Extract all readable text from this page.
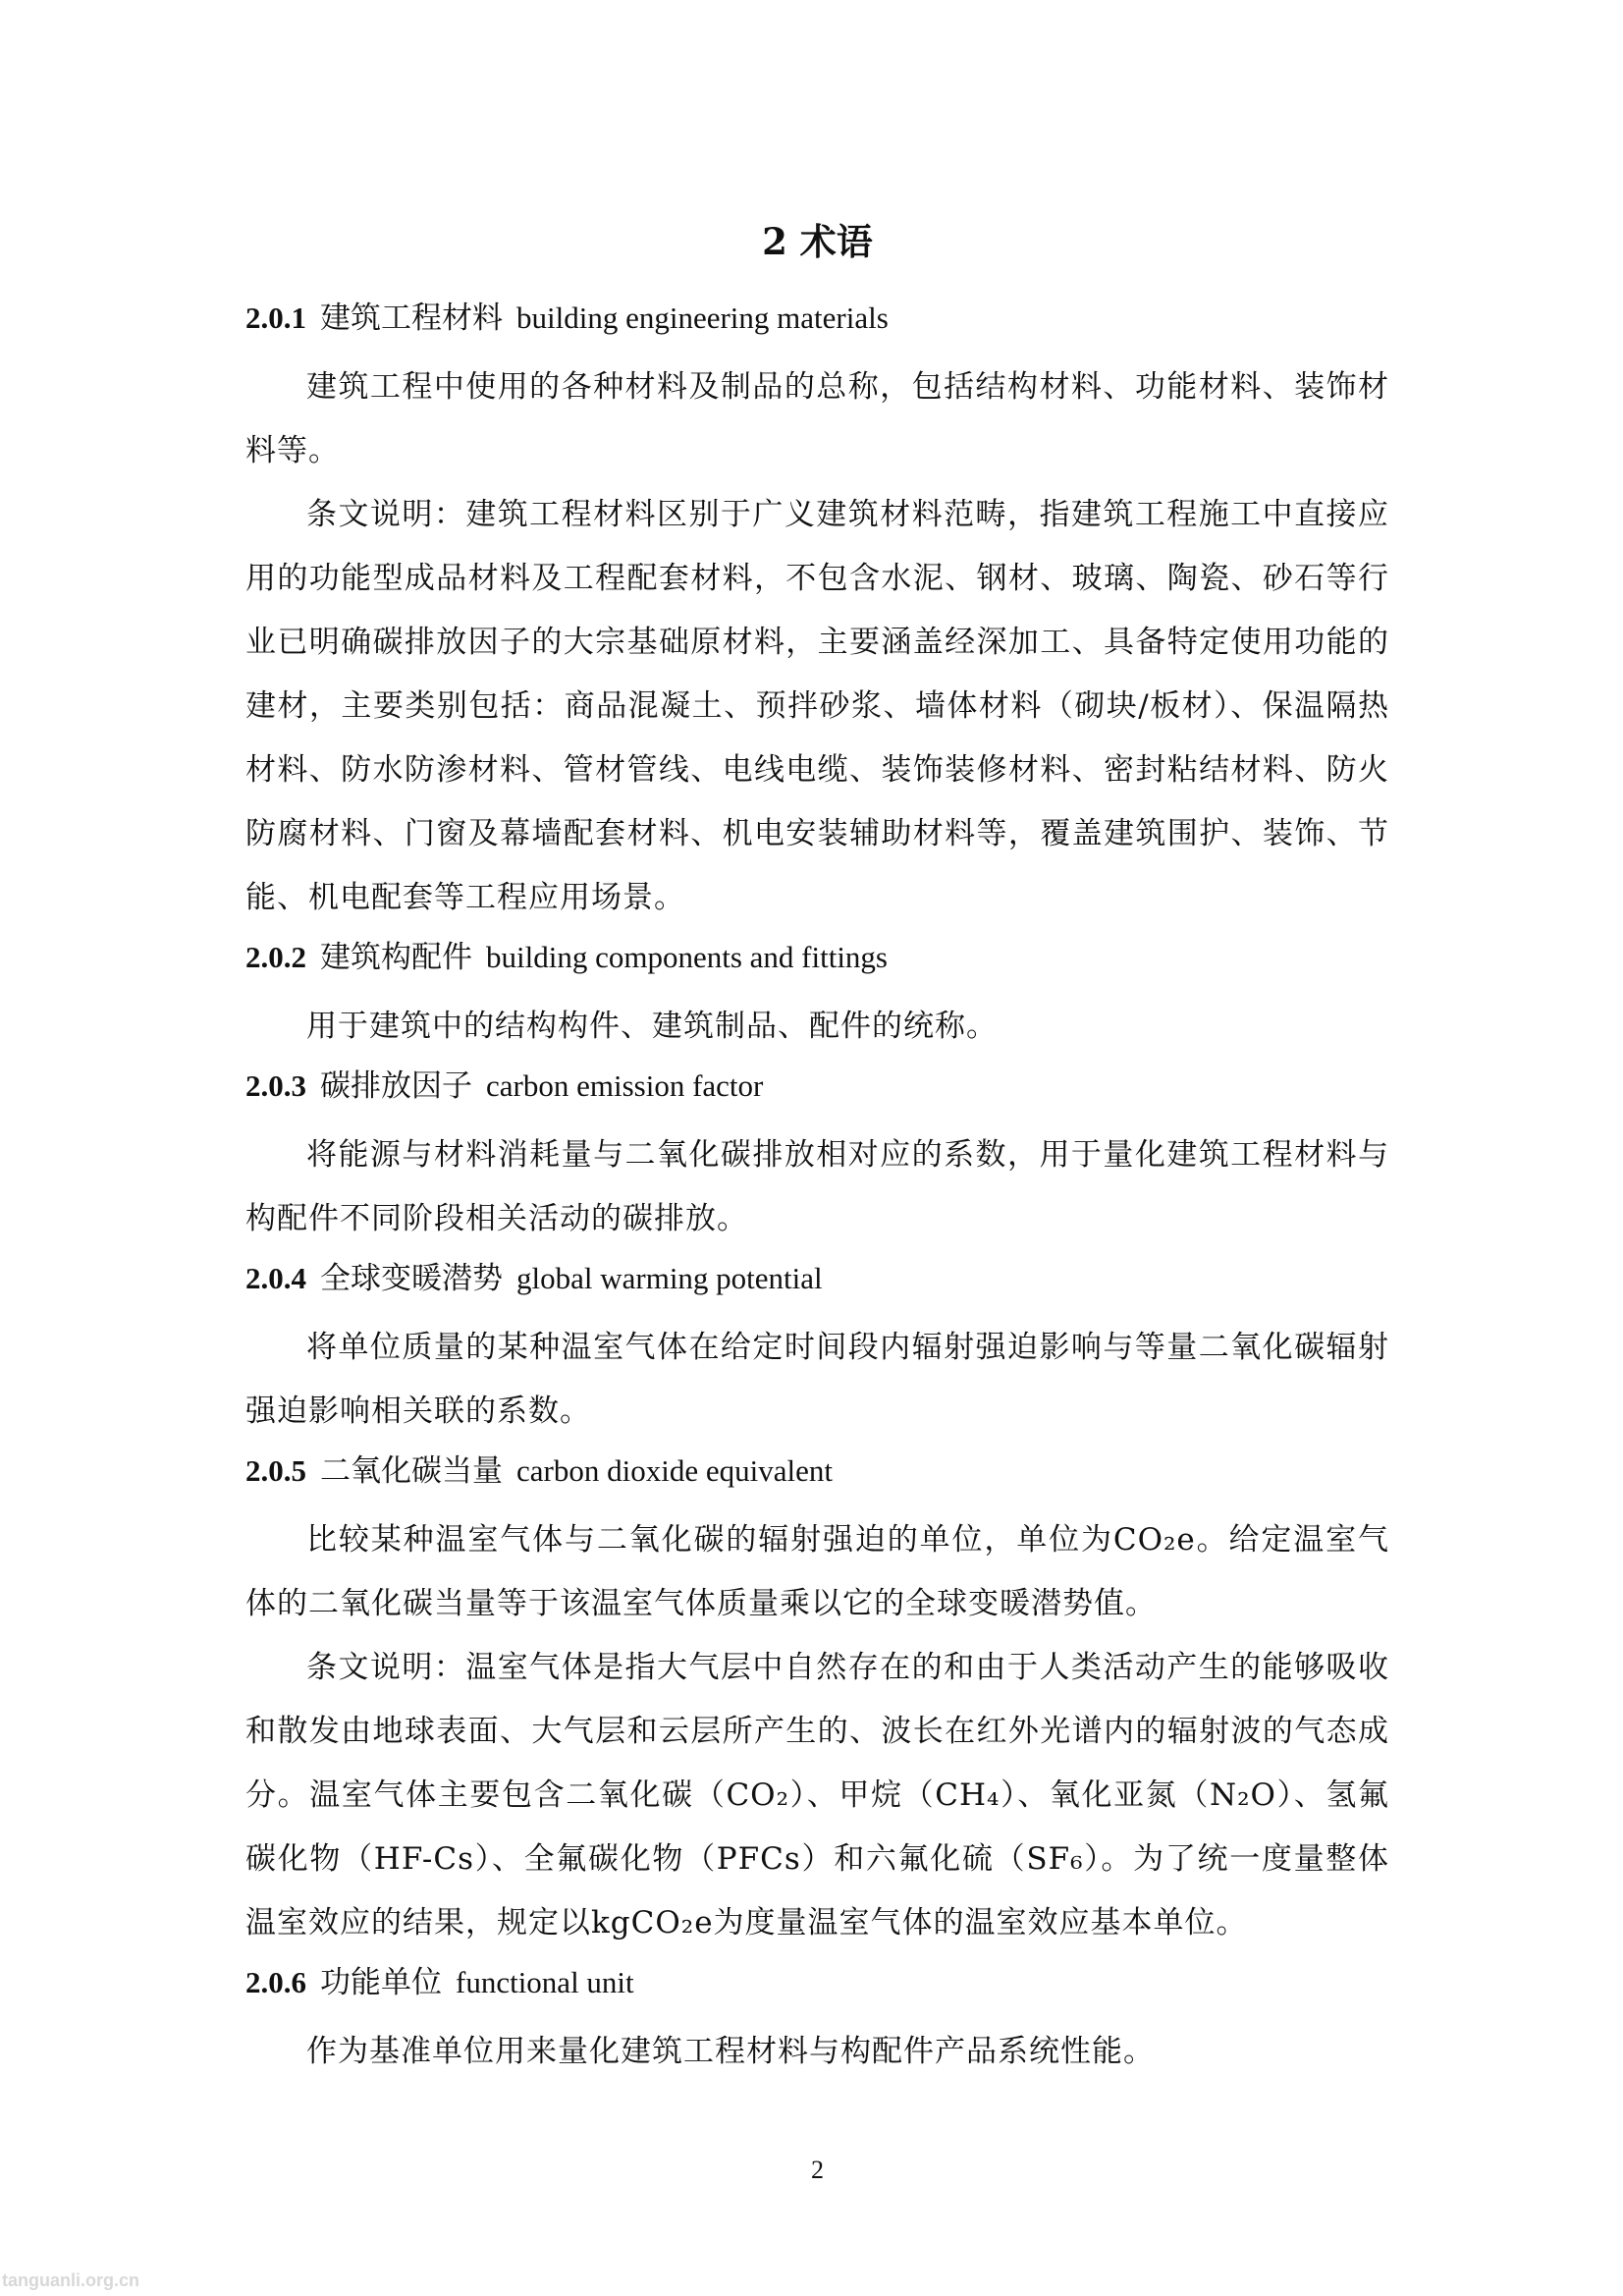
2 术语
2.0.1 建筑工程材料 building engineering materials

建筑工程中使用的各种材料及制品的总称，包括结构材料、功能材料、装饰材料等。

条文说明：建筑工程材料区别于广义建筑材料范畴，指建筑工程施工中直接应用的功能型成品材料及工程配套材料，不包含水泥、钢材、玻璃、陶瓷、砂石等行业已明确碳排放因子的大宗基础原材料，主要涵盖经深加工、具备特定使用功能的建材，主要类别包括：商品混凝土、预拌砂浆、墙体材料（砌块/板材）、保温隔热材料、防水防渗材料、管材管线、电线电缆、装饰装修材料、密封粘结材料、防火防腐材料、门窗及幕墙配套材料、机电安装辅助材料等，覆盖建筑围护、装饰、节能、机电配套等工程应用场景。

2.0.2 建筑构配件 building components and fittings

用于建筑中的结构构件、建筑制品、配件的统称。

2.0.3 碳排放因子 carbon emission factor

将能源与材料消耗量与二氧化碳排放相对应的系数，用于量化建筑工程材料与构配件不同阶段相关活动的碳排放。

2.0.4 全球变暖潜势 global warming potential

将单位质量的某种温室气体在给定时间段内辐射强迫影响与等量二氧化碳辐射强迫影响相关联的系数。

2.0.5 二氧化碳当量 carbon dioxide equivalent

比较某种温室气体与二氧化碳的辐射强迫的单位，单位为CO₂e。给定温室气体的二氧化碳当量等于该温室气体质量乘以它的全球变暖潜势值。

条文说明：温室气体是指大气层中自然存在的和由于人类活动产生的能够吸收和散发由地球表面、大气层和云层所产生的、波长在红外光谱内的辐射波的气态成分。温室气体主要包含二氧化碳（CO₂）、甲烷（CH₄）、氧化亚氮（N₂O）、氢氟碳化物（HF-Cs）、全氟碳化物（PFCs）和六氟化硫（SF₆）。为了统一度量整体温室效应的结果，规定以kgCO₂e为度量温室气体的温室效应基本单位。

2.0.6 功能单位 functional unit

作为基准单位用来量化建筑工程材料与构配件产品系统性能。

2
tanguanli.org.cn
